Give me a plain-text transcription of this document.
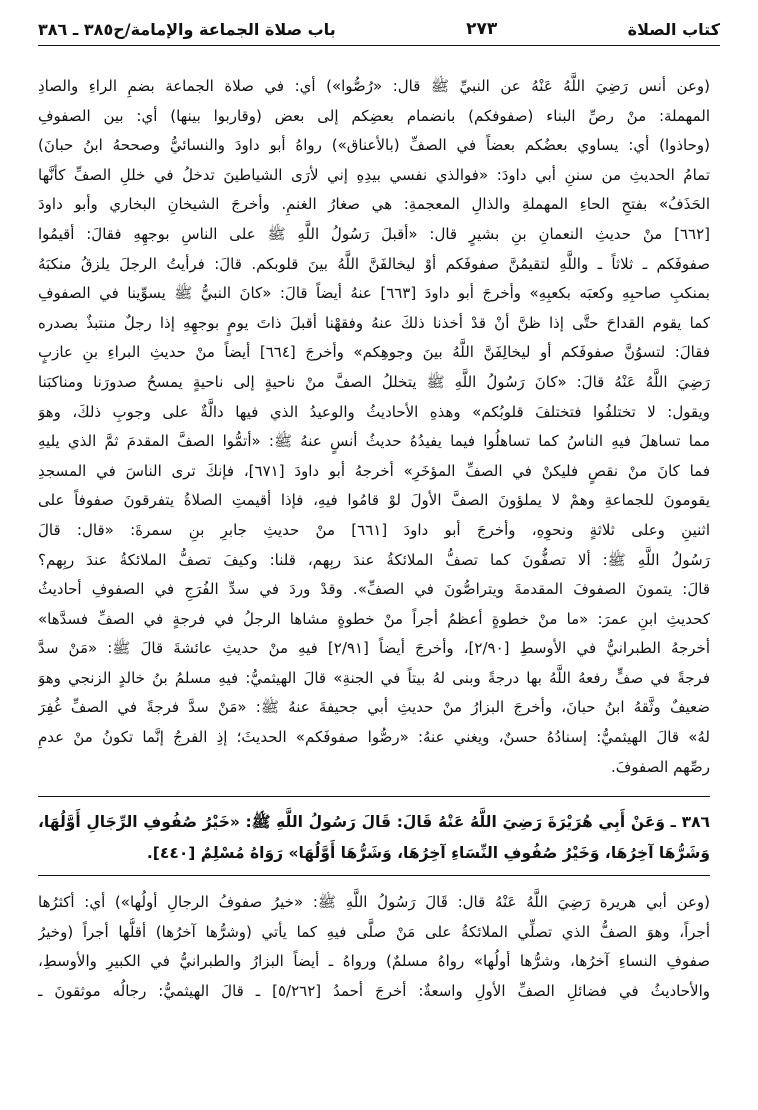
كتاب الصلاة
٢٧٣
باب صلاة الجماعة والإمامة/ح٣٨٥ ـ ٣٨٦
(وعن أنس رَضِيَ اللَّهُ عَنْهُ عن النبيِّ ﷺ قال: «رُصُّوا») أي: في صلاة الجماعة بضمِ الراءِ والصادِ
المهملة: منْ رصِّ البناء (صفوفكم) بانضمام بعضِكم إلى بعض (وقاربوا بينها) أي: بين الصفوفِ
(وحاذوا) أي: يساوي بعضُكم بعضاً في الصفِّ (بالأعناق») رواهُ أبو داودَ والنسائيُّ وصححهُ ابنُ حبانَ)
تمامُ الحديثِ من سننِ أبي داودَ: «فوالذي نفسي بيدِهِ إني لأرَى الشياطينَ تدخلُ في خللِ الصفِّ كأنَّها
الحَذَفُ» بفتحِ الحاءِ المهملةِ والذالِ المعجمةِ: هي صغارُ الغنمِ. وأخرجَ الشيخانِ البخاري وأبو داودَ
[٦٦٢] منْ حديثِ النعمانِ بنِ بشيرٍ قال: «أقبلَ رَسُولُ اللَّهِ ﷺ على الناسِ بوجهِهِ فقالَ: أقيمُوا
صفوفَكم ـ ثلاثاً ـ واللَّهِ لتقيمُنَّ صفوفَكم أوْ ليخالفَنَّ اللَّهُ بينَ قلوبكم. قالَ: فرأيتُ الرجلَ يلزقُ منكبَهُ
بمنكبِ صاحبِهِ وكعبَه بكعبِهِ» وأخرجَ أبو داودَ [٦٦٣] عنهُ أيضاً قالَ: «كانَ النبيُّ ﷺ يسوِّينا في الصفوفِ
كما يقوم القداحَ حتَّى إذا ظنَّ أنْ قدْ أخذنا ذلكَ عنهُ وفقهْنا أقبلَ ذاتَ يومٍ بوجهِهِ إذا رجلٌ منتبذٌ بصدره
فقالَ: لتسوُنَّ صفوفَكم أو ليخالِفَنَّ اللَّهُ بينَ وجوهِكم» وأخرجَ [٦٦٤] أيضاً منْ حديثِ البراءِ بنِ عازبٍ
رَضِيَ اللَّهُ عَنْهُ قالَ: «كانَ رَسُولُ اللَّهِ ﷺ يتخللُ الصفَّ منْ ناحيةٍ إلى ناحيةٍ يمسحُ صدورَنا ومناكبَنا
ويقول: لا تختلفُوا فتختلفَ قلوبُكم» وهذهِ الأحاديثُ والوعيدُ الذي فيها دالَّةٌ على وجوبِ ذلكَ، وهوَ
مما تساهلَ فيهِ الناسُ كما تساهلُوا فيما يفيدُهُ حديثُ أنسٍ عنهُ ﷺ: «أتمُّوا الصفَّ المقدمَ ثمَّ الذي يليهِ
فما كانَ منْ نقصٍ فليكنْ في الصفِّ المؤخَرِ» أخرجهُ أبو داودَ [٦٧١]، فإنكَ ترى الناسَ في المسجدِ
يقومونَ للجماعةِ وهمْ لا يملؤونَ الصفَّ الأولَ لوْ قامُوا فيهِ، فإذا أقيمتِ الصلاةُ يتفرقونَ صفوفاً على
اثنينِ وعلى ثلاثةٍ ونحوِهِ، وأخرجَ أبو داودَ [٦٦١] منْ حديثِ جابرِ بنِ سمرةَ: «قال: قالَ
رَسُولُ اللَّهِ ﷺ: ألا تصفُّونَ كما تصفُّ الملائكةُ عندَ ربِهم، قلنا: وكيفَ تصفُّ الملائكةُ عندَ ربِهم؟
قالَ: يتمونَ الصفوفَ المقدمةَ ويتراصُّونَ في الصفِّ». وقدْ وردَ في سدِّ الفُرَجِ في الصفوفِ أحاديثُ
كحديثِ ابنِ عمرَ: «ما منْ خطوةٍ أعظمُ أجراً منْ خطوةٍ مشاها الرجلُ في فرجةٍ في الصفِّ فسدَّها»
أخرجهُ الطبرانيُّ في الأوسطِ [٢/٩٠]، وأخرجَ أيضاً [٢/٩١] فيهِ منْ حديثِ عائشةَ قالَ ﷺ: «مَنْ سدَّ
فرجةً في صفٍّ رفعهُ اللَّهُ بها درجةً وبنى لهُ بيتاً في الجنةِ» قالَ الهيثميُّ: فيهِ مسلمُ بنُ خالدٍ الزنجي وهوَ
ضعيفٌ وثَّقهُ ابنُ حبانَ، وأخرجَ البزارُ منْ حديثِ أبي جحيفةَ عنهُ ﷺ: «مَنْ سدَّ فرجةً في الصفِّ غُفِرَ
لهُ» قالَ الهيثميُّ: إسنادُهُ حسنٌ، ويغني عنهُ: «رصُّوا صفوفَكم» الحديثَ؛ إذِ الفرجُ إنَّما تكونُ منْ عدمِ
رصِّهم الصفوفَ.
٣٨٦ ـ وَعَنْ أَبِي هُرَيْرَةَ رَضِيَ اللَّهُ عَنْهُ قَالَ: قَالَ رَسُولُ اللَّهِ ﷺ: «خَيْرُ صُفُوفِ الرِّجَالِ أَوَّلُهَا،
وَشَرُّهَا آخِرُهَا، وَخَيْرُ صُفُوفِ النِّسَاءِ آخِرُهَا، وَشَرُّهَا أَوَّلُهَا» رَوَاهُ مُسْلِمٌ [٤٤٠].
(وعن أبي هريرة رَضِيَ اللَّهُ عَنْهُ قال: قَالَ رَسُولُ اللَّهِ ﷺ: «خيرُ صفوفُ الرجالِ أولُها») أي: أكثرُها
أجراً، وهوَ الصفُّ الذي تصلِّي الملائكةُ على مَنْ صلَّى فيهِ كما يأتي (وشرُّها آخرُها) أقلُّها أجراً (وخيرُ
صفوفِ النساءِ آخرُها، وشرُّها أولُها» رواهُ مسلمٌ) ورواهُ ـ أيضاً البزارُ والطبرانيُّ في الكبيرِ والأوسطِ،
والأحاديثُ في فضائلِ الصفِّ الأولِ واسعةٌ: أخرجَ أحمدُ [٥/٢٦٢] ـ قالَ الهيثميُّ: رجالُه موثقونَ ـ
